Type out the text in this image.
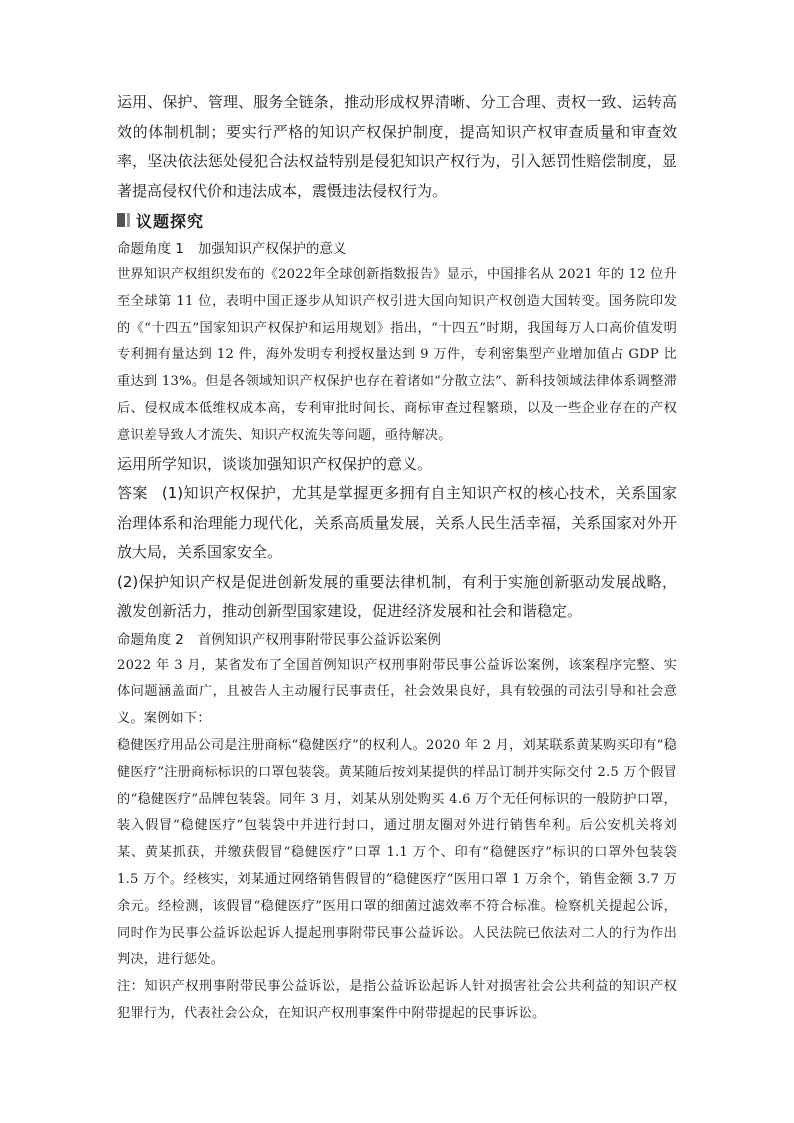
运用、保护、管理、服务全链条，推动形成权界清晰、分工合理、责权一致、运转高效的体制机制；要实行严格的知识产权保护制度，提高知识产权审查质量和审查效率，坚决依法惩处侵犯合法权益特别是侵犯知识产权行为，引入惩罚性赔偿制度，显著提高侵权代价和违法成本，震慑违法侵权行为。

议题探究

命题角度 1 加强知识产权保护的意义

世界知识产权组织发布的《2022年全球创新指数报告》显示，中国排名从 2021 年的 12 位升至全球第 11 位，表明中国正逐步从知识产权引进大国向知识产权创造大国转变。国务院印发的《“十四五”国家知识产权保护和运用规划》指出，“十四五”时期，我国每万人口高价值发明专利拥有量达到 12 件，海外发明专利授权量达到 9 万件，专利密集型产业增加值占 GDP 比重达到 13%。但是各领域知识产权保护也存在着诸如“分散立法”、新科技领域法律体系调整滞后、侵权成本低维权成本高，专利审批时间长、商标审查过程繁琐，以及一些企业存在的产权意识差导致人才流失、知识产权流失等问题，亟待解决。

运用所学知识，谈谈加强知识产权保护的意义。

答案 (1)知识产权保护，尤其是掌握更多拥有自主知识产权的核心技术，关系国家治理体系和治理能力现代化，关系高质量发展，关系人民生活幸福，关系国家对外开放大局，关系国家安全。

(2)保护知识产权是促进创新发展的重要法律机制，有利于实施创新驱动发展战略，激发创新活力，推动创新型国家建设，促进经济发展和社会和谐稳定。

命题角度 2 首例知识产权刑事附带民事公益诉讼案例

2022 年 3 月，某省发布了全国首例知识产权刑事附带民事公益诉讼案例，该案程序完整、实体问题涵盖面广，且被告人主动履行民事责任，社会效果良好，具有较强的司法引导和社会意义。案例如下：

稳健医疗用品公司是注册商标“稳健医疗”的权利人。2020 年 2 月，刘某联系黄某购买印有“稳健医疗”注册商标标识的口罩包装袋。黄某随后按刘某提供的样品订制并实际交付 2.5 万个假冒的“稳健医疗”品牌包装袋。同年 3 月，刘某从别处购买 4.6 万个无任何标识的一般防护口罩，装入假冒“稳健医疗”包装袋中并进行封口，通过朋友圈对外进行销售牟利。后公安机关将刘某、黄某抓获，并缴获假冒“稳健医疗”口罩 1.1 万个、印有“稳健医疗”标识的口罩外包装袋 1.5 万个。经核实，刘某通过网络销售假冒的“稳健医疗”医用口罩 1 万余个，销售金额 3.7 万余元。经检测，该假冒“稳健医疗”医用口罩的细菌过滤效率不符合标准。检察机关提起公诉，同时作为民事公益诉讼起诉人提起刑事附带民事公益诉讼。人民法院已依法对二人的行为作出判决，进行惩处。

注：知识产权刑事附带民事公益诉讼，是指公益诉讼起诉人针对损害社会公共利益的知识产权犯罪行为，代表社会公众，在知识产权刑事案件中附带提起的民事诉讼。
